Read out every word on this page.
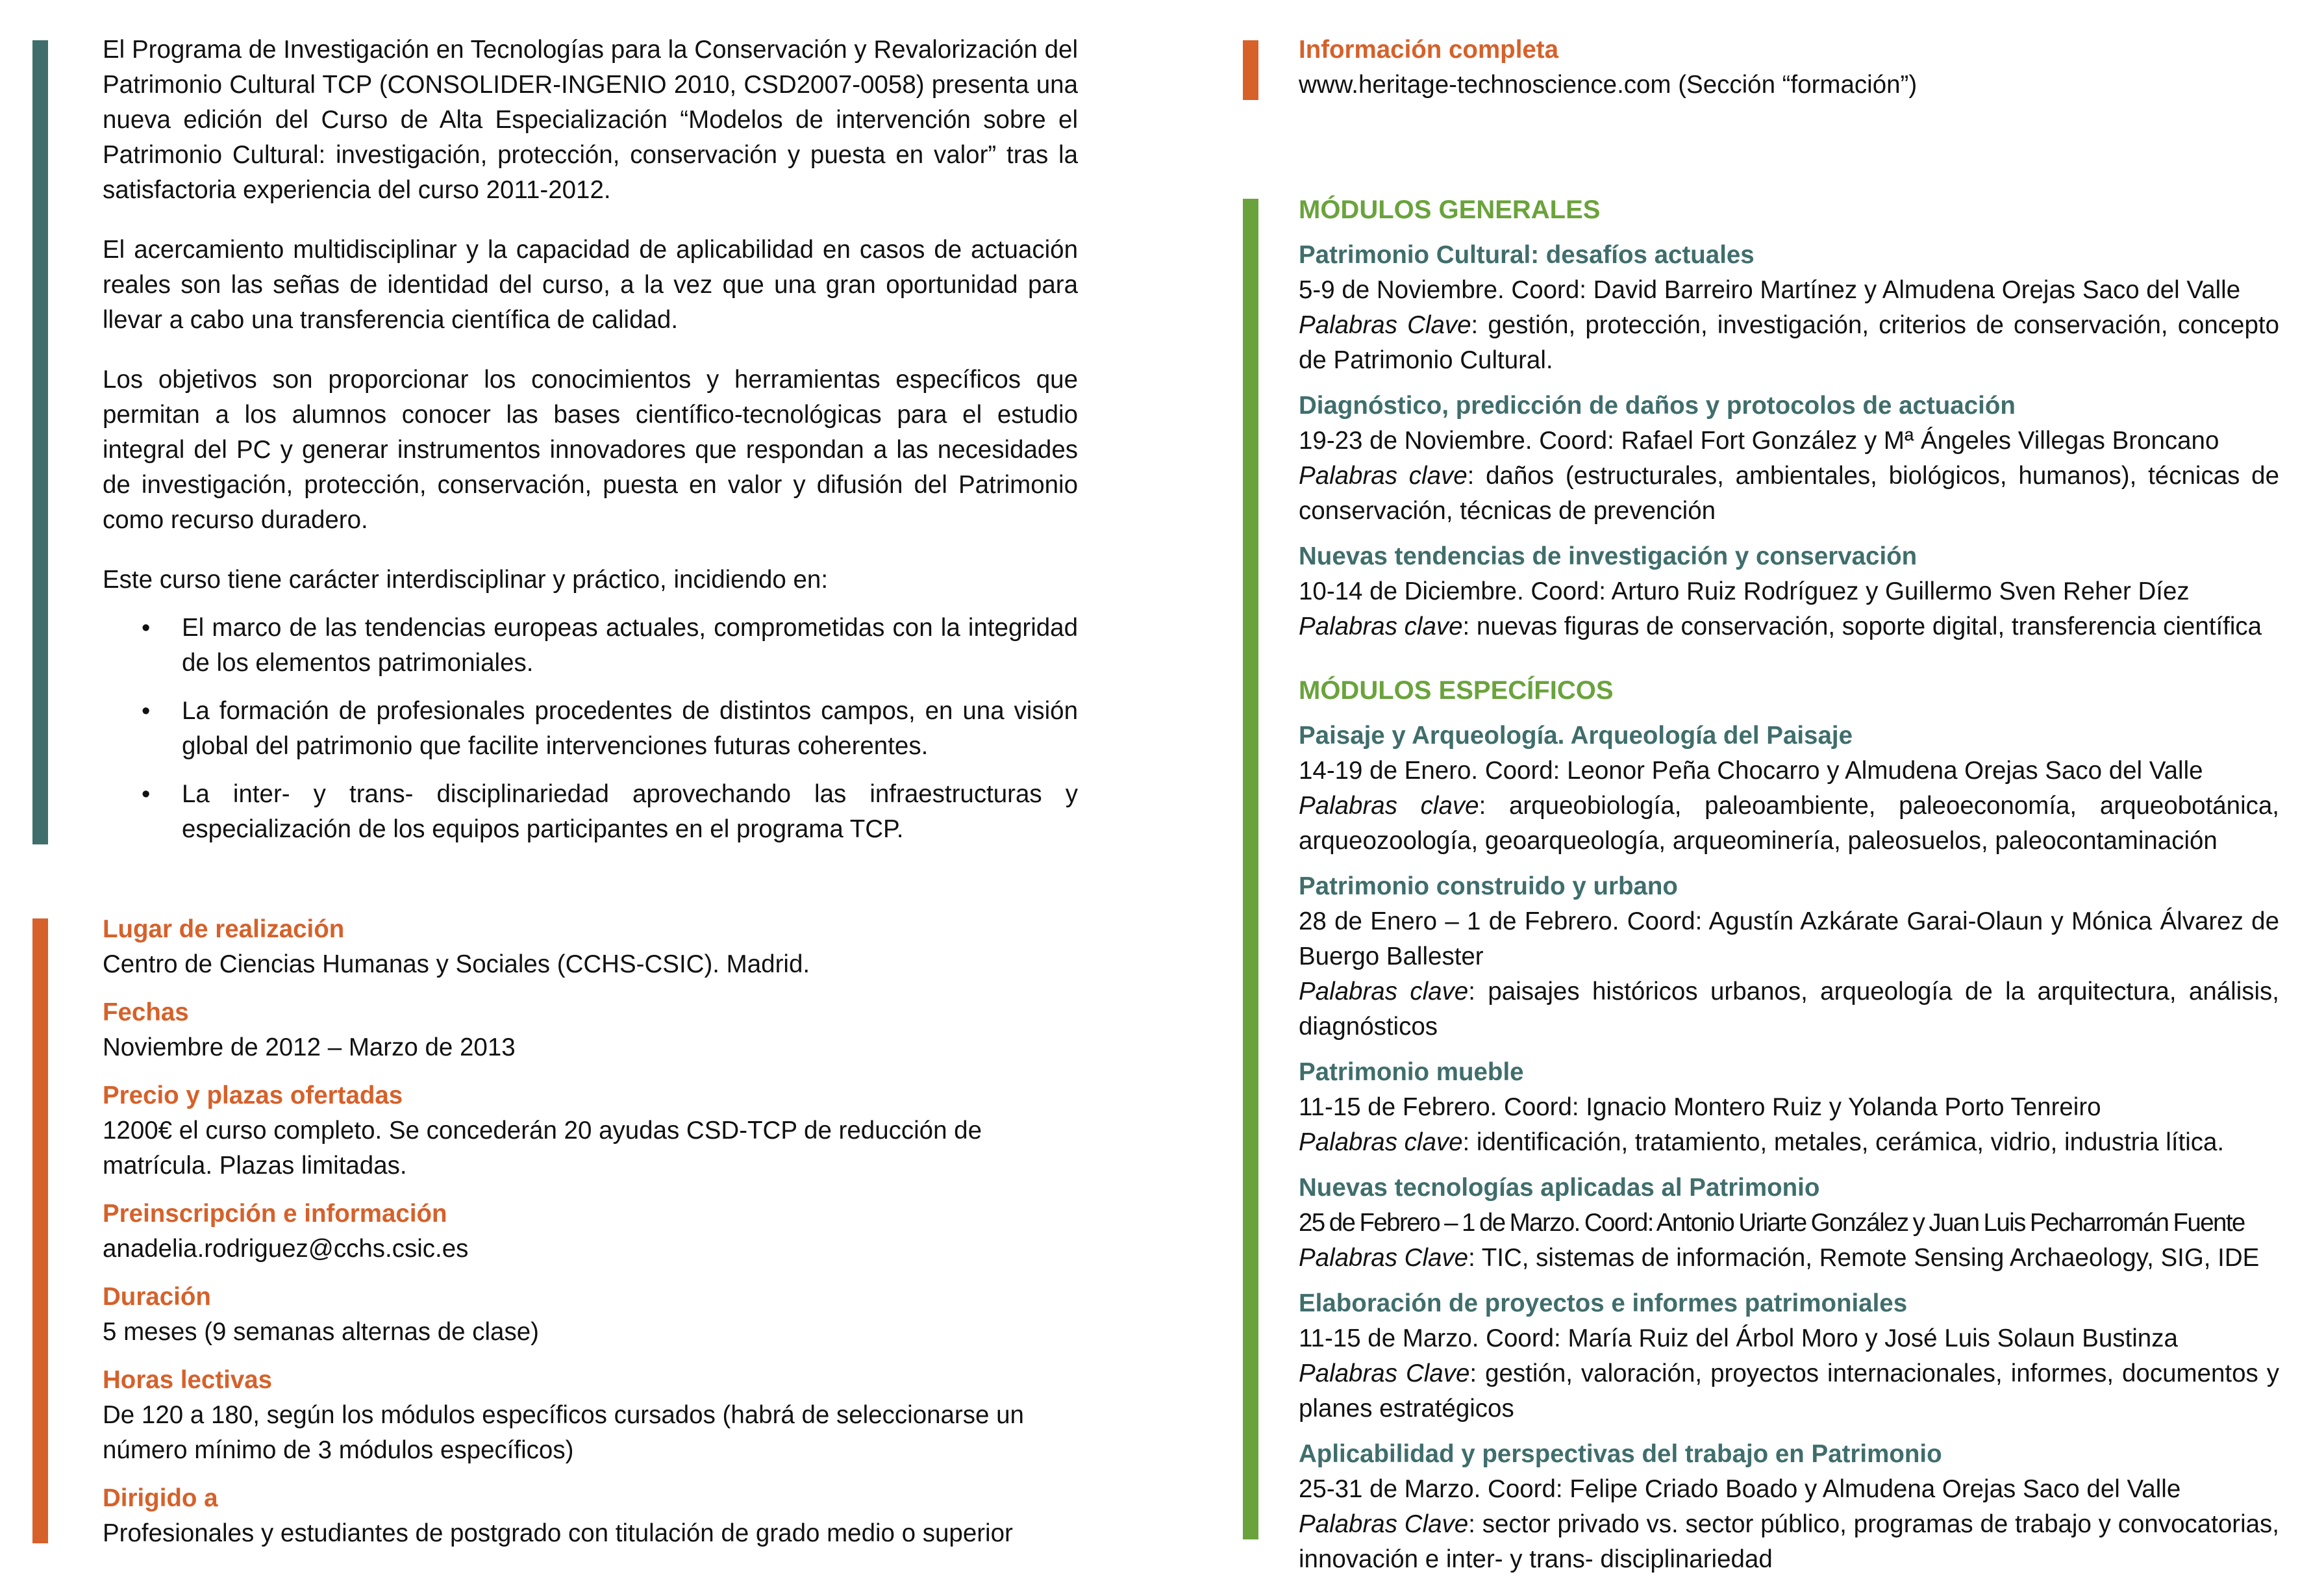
El Programa de Investigación en Tecnologías para la Conservación y Revalorización del Patrimonio Cultural TCP (CONSOLIDER-INGENIO 2010, CSD2007-0058) presenta una nueva edición del Curso de Alta Especialización “Modelos de intervención sobre el Patrimonio Cultural: investigación, protección, conservación y puesta en valor” tras la satisfactoria experiencia del curso 2011-2012.

El acercamiento multidisciplinar y la capacidad de aplicabilidad en casos de actuación reales son las señas de identidad del curso, a la vez que una gran oportunidad para llevar a cabo una transferencia científica de calidad.

Los objetivos son proporcionar los conocimientos y herramientas específicos que permitan a los alumnos conocer las bases científico-tecnológicas para el estudio integral del PC y generar instrumentos innovadores que respondan a las necesidades de investigación, protección, conservación, puesta en valor y difusión del Patrimonio como recurso duradero.

Este curso tiene carácter interdisciplinar y práctico, incidiendo en:

• El marco de las tendencias europeas actuales, comprometidas con la integridad de los elementos patrimoniales.
• La formación de profesionales procedentes de distintos campos, en una visión global del patrimonio que facilite intervenciones futuras coherentes.
• La inter- y trans- disciplinariedad aprovechando las infraestructuras y especialización de los equipos participantes en el programa TCP.
Lugar de realización
Centro de Ciencias Humanas y Sociales (CCHS-CSIC). Madrid.
Fechas
Noviembre de 2012 – Marzo de 2013
Precio y plazas ofertadas
1200€ el curso completo. Se concederán 20 ayudas CSD-TCP de reducción de matrícula. Plazas limitadas.
Preinscripción e información
anadelia.rodriguez@cchs.csic.es
Duración
5 meses (9 semanas alternas de clase)
Horas lectivas
De 120 a 180, según los módulos específicos cursados (habrá de seleccionarse un número mínimo de 3 módulos específicos)
Dirigido a
Profesionales y estudiantes de postgrado con titulación de grado medio o superior
Información completa
www.heritage-technoscience.com (Sección “formación”)
MÓDULOS GENERALES
Patrimonio Cultural: desafíos actuales
5-9 de Noviembre. Coord: David Barreiro Martínez y Almudena Orejas Saco del Valle
Palabras Clave: gestión, protección, investigación, criterios de conservación, concepto de Patrimonio Cultural.
Diagnóstico, predicción de daños y protocolos de actuación
19-23 de Noviembre. Coord: Rafael Fort González y Mª Ángeles Villegas Broncano
Palabras clave: daños (estructurales, ambientales, biológicos, humanos), técnicas de conservación, técnicas de prevención
Nuevas tendencias de investigación y conservación
10-14 de Diciembre. Coord: Arturo Ruiz Rodríguez y Guillermo Sven Reher Díez
Palabras clave: nuevas figuras de conservación, soporte digital, transferencia científica
MÓDULOS ESPECÍFICOS
Paisaje y Arqueología. Arqueología del Paisaje
14-19 de Enero. Coord: Leonor Peña Chocarro y Almudena Orejas Saco del Valle
Palabras clave: arqueobiología, paleoambiente, paleoeconomía, arqueobotánica, arqueozoología, geoarqueología, arqueominería, paleosuelos, paleocontaminación
Patrimonio construido y urbano
28 de Enero – 1 de Febrero. Coord: Agustín Azkárate Garai-Olaun y Mónica Álvarez de Buergo Ballester
Palabras clave: paisajes históricos urbanos, arqueología de la arquitectura, análisis, diagnósticos
Patrimonio mueble
11-15 de Febrero. Coord: Ignacio Montero Ruiz y Yolanda Porto Tenreiro
Palabras clave: identificación, tratamiento, metales, cerámica, vidrio, industria lítica.
Nuevas tecnologías aplicadas al Patrimonio
25 de Febrero – 1 de Marzo. Coord: Antonio Uriarte González y Juan Luis Pecharromán Fuente
Palabras Clave: TIC, sistemas de información, Remote Sensing Archaeology, SIG, IDE
Elaboración de proyectos e informes patrimoniales
11-15 de Marzo. Coord: María Ruiz del Árbol Moro y José Luis Solaun Bustinza
Palabras Clave: gestión, valoración, proyectos internacionales, informes, documentos y planes estratégicos
Aplicabilidad y perspectivas del trabajo en Patrimonio
25-31 de Marzo. Coord: Felipe Criado Boado y Almudena Orejas Saco del Valle
Palabras Clave: sector privado vs. sector público, programas de trabajo y convocatorias, innovación e inter- y trans- disciplinariedad
